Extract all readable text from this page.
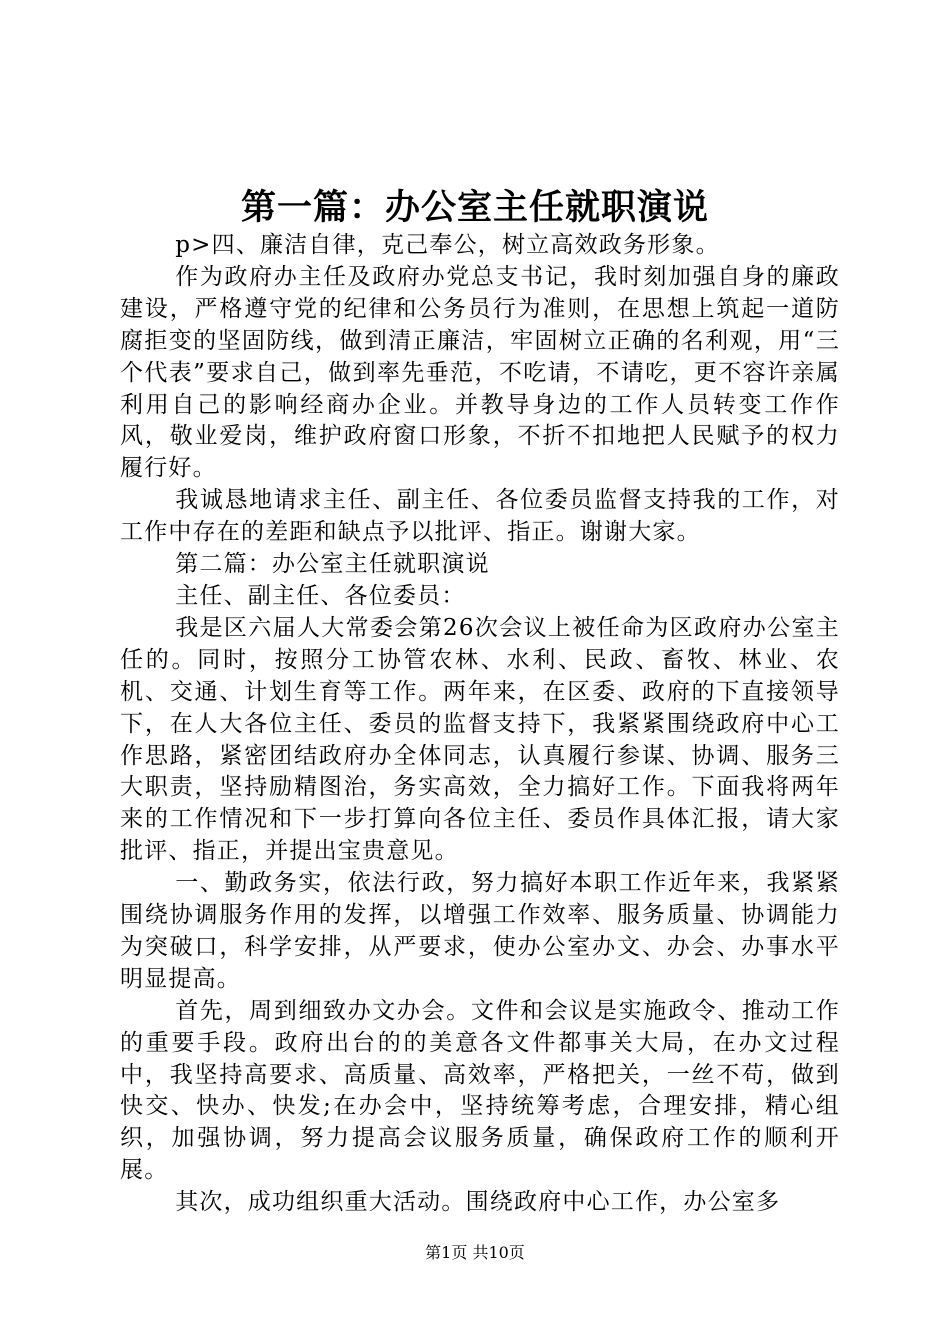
第一篇：办公室主任就职演说

p>四、廉洁自律，克己奉公，树立高效政务形象。

作为政府办主任及政府办党总支书记，我时刻加强自身的廉政建设，严格遵守党的纪律和公务员行为准则，在思想上筑起一道防腐拒变的坚固防线，做到清正廉洁，牢固树立正确的名利观，用“三个代表”要求自己，做到率先垂范，不吃请，不请吃，更不容许亲属利用自己的影响经商办企业。并教导身边的工作人员转变工作作风，敬业爱岗，维护政府窗口形象，不折不扣地把人民赋予的权力履行好。

我诚恳地请求主任、副主任、各位委员监督支持我的工作，对工作中存在的差距和缺点予以批评、指正。谢谢大家。

第二篇：办公室主任就职演说

主任、副主任、各位委员：

我是区六届人大常委会第26次会议上被任命为区政府办公室主任的。同时，按照分工协管农林、水利、民政、畜牧、林业、农机、交通、计划生育等工作。两年来，在区委、政府的下直接领导下，在人大各位主任、委员的监督支持下，我紧紧围绕政府中心工作思路，紧密团结政府办全体同志，认真履行参谋、协调、服务三大职责，坚持励精图治，务实高效，全力搞好工作。下面我将两年来的工作情况和下一步打算向各位主任、委员作具体汇报，请大家批评、指正，并提出宝贵意见。

一、勤政务实，依法行政，努力搞好本职工作近年来，我紧紧围绕协调服务作用的发挥，以增强工作效率、服务质量、协调能力为突破口，科学安排，从严要求，使办公室办文、办会、办事水平明显提高。

首先，周到细致办文办会。文件和会议是实施政令、推动工作的重要手段。政府出台的的美意各文件都事关大局，在办文过程中，我坚持高要求、高质量、高效率，严格把关，一丝不苟，做到快交、快办、快发;在办会中，坚持统筹考虑，合理安排，精心组织，加强协调，努力提高会议服务质量，确保政府工作的顺利开展。

其次，成功组织重大活动。围绕政府中心工作，办公室多

第1页 共10页
